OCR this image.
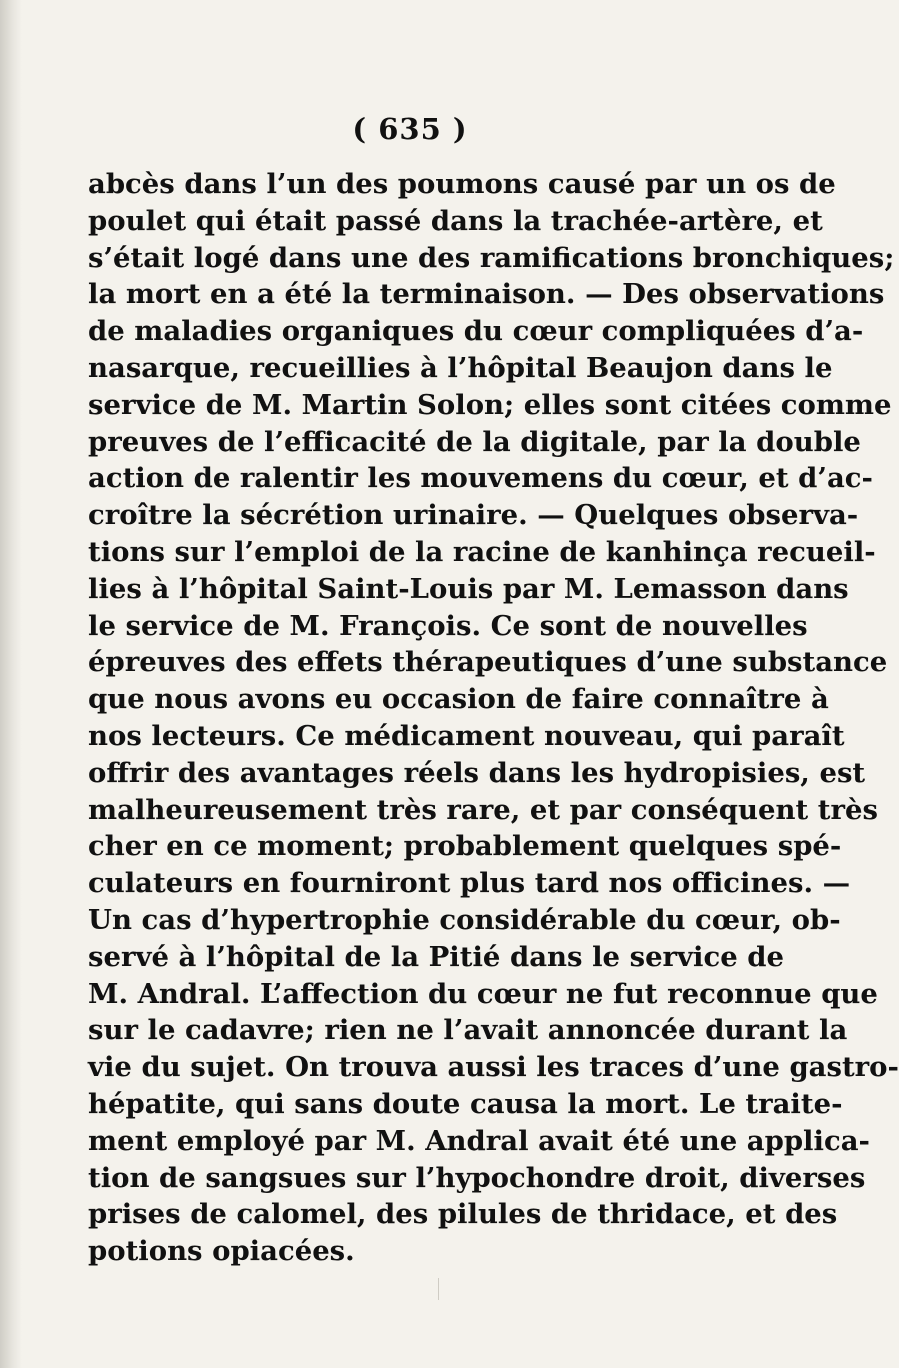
( 635 )
abcès dans l’un des poumons causé par un os de
poulet qui était passé dans la trachée-artère, et
s’était logé dans une des ramifications bronchiques;
la mort en a été la terminaison. — Des observations
de maladies organiques du cœur compliquées d’a-
nasarque, recueillies à l’hôpital Beaujon dans le
service de M. Martin Solon; elles sont citées comme
preuves de l’efficacité de la digitale, par la double
action de ralentir les mouvemens du cœur, et d’ac-
croître la sécrétion urinaire. — Quelques observa-
tions sur l’emploi de la racine de kanhinça recueil-
lies à l’hôpital Saint-Louis par M. Lemasson dans
le service de M. François. Ce sont de nouvelles
épreuves des effets thérapeutiques d’une substance
que nous avons eu occasion de faire connaître à
nos lecteurs. Ce médicament nouveau, qui paraît
offrir des avantages réels dans les hydropisies, est
malheureusement très rare, et par conséquent très
cher en ce moment; probablement quelques spé-
culateurs en fourniront plus tard nos officines. —
Un cas d’hypertrophie considérable du cœur, ob-
servé à l’hôpital de la Pitié dans le service de
M. Andral. L’affection du cœur ne fut reconnue que
sur le cadavre; rien ne l’avait annoncée durant la
vie du sujet. On trouva aussi les traces d’une gastro-
hépatite, qui sans doute causa la mort. Le traite-
ment employé par M. Andral avait été une applica-
tion de sangsues sur l’hypochondre droit, diverses
prises de calomel, des pilules de thridace, et des
potions opiacées.
